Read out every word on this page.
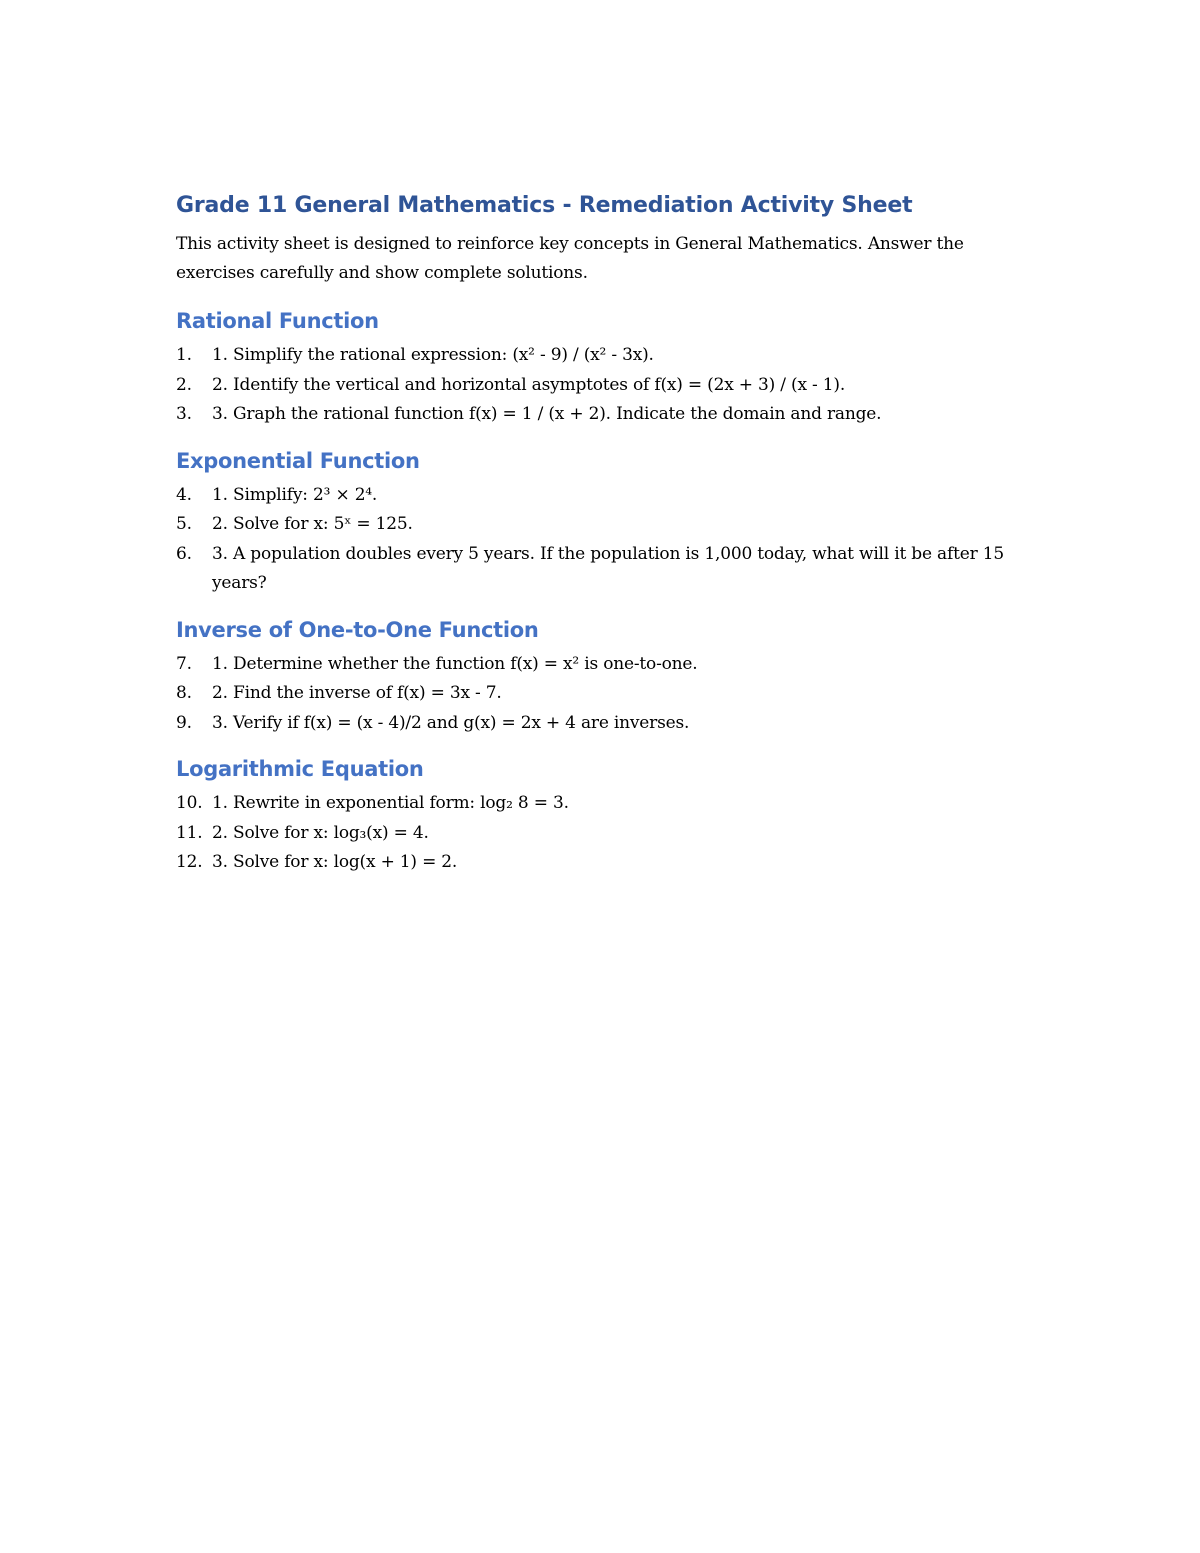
Grade 11 General Mathematics - Remediation Activity Sheet

This activity sheet is designed to reinforce key concepts in General Mathematics. Answer the exercises carefully and show complete solutions.

Rational Function
1.	1. Simplify the rational expression: (x² - 9) / (x² - 3x).
2.	2. Identify the vertical and horizontal asymptotes of f(x) = (2x + 3) / (x - 1).
3.	3. Graph the rational function f(x) = 1 / (x + 2). Indicate the domain and range.
Exponential Function
4.	1. Simplify: 2³ × 2⁴.
5.	2. Solve for x: 5ˣ = 125.
6.	3. A population doubles every 5 years. If the population is 1,000 today, what will it be after 15 years?
Inverse of One-to-One Function
7.	1. Determine whether the function f(x) = x² is one-to-one.
8.	2. Find the inverse of f(x) = 3x - 7.
9.	3. Verify if f(x) = (x - 4)/2 and g(x) = 2x + 4 are inverses.
Logarithmic Equation
10. 1. Rewrite in exponential form: log₂ 8 = 3.
11. 2. Solve for x: log₃(x) = 4.
12. 3. Solve for x: log(x + 1) = 2.
